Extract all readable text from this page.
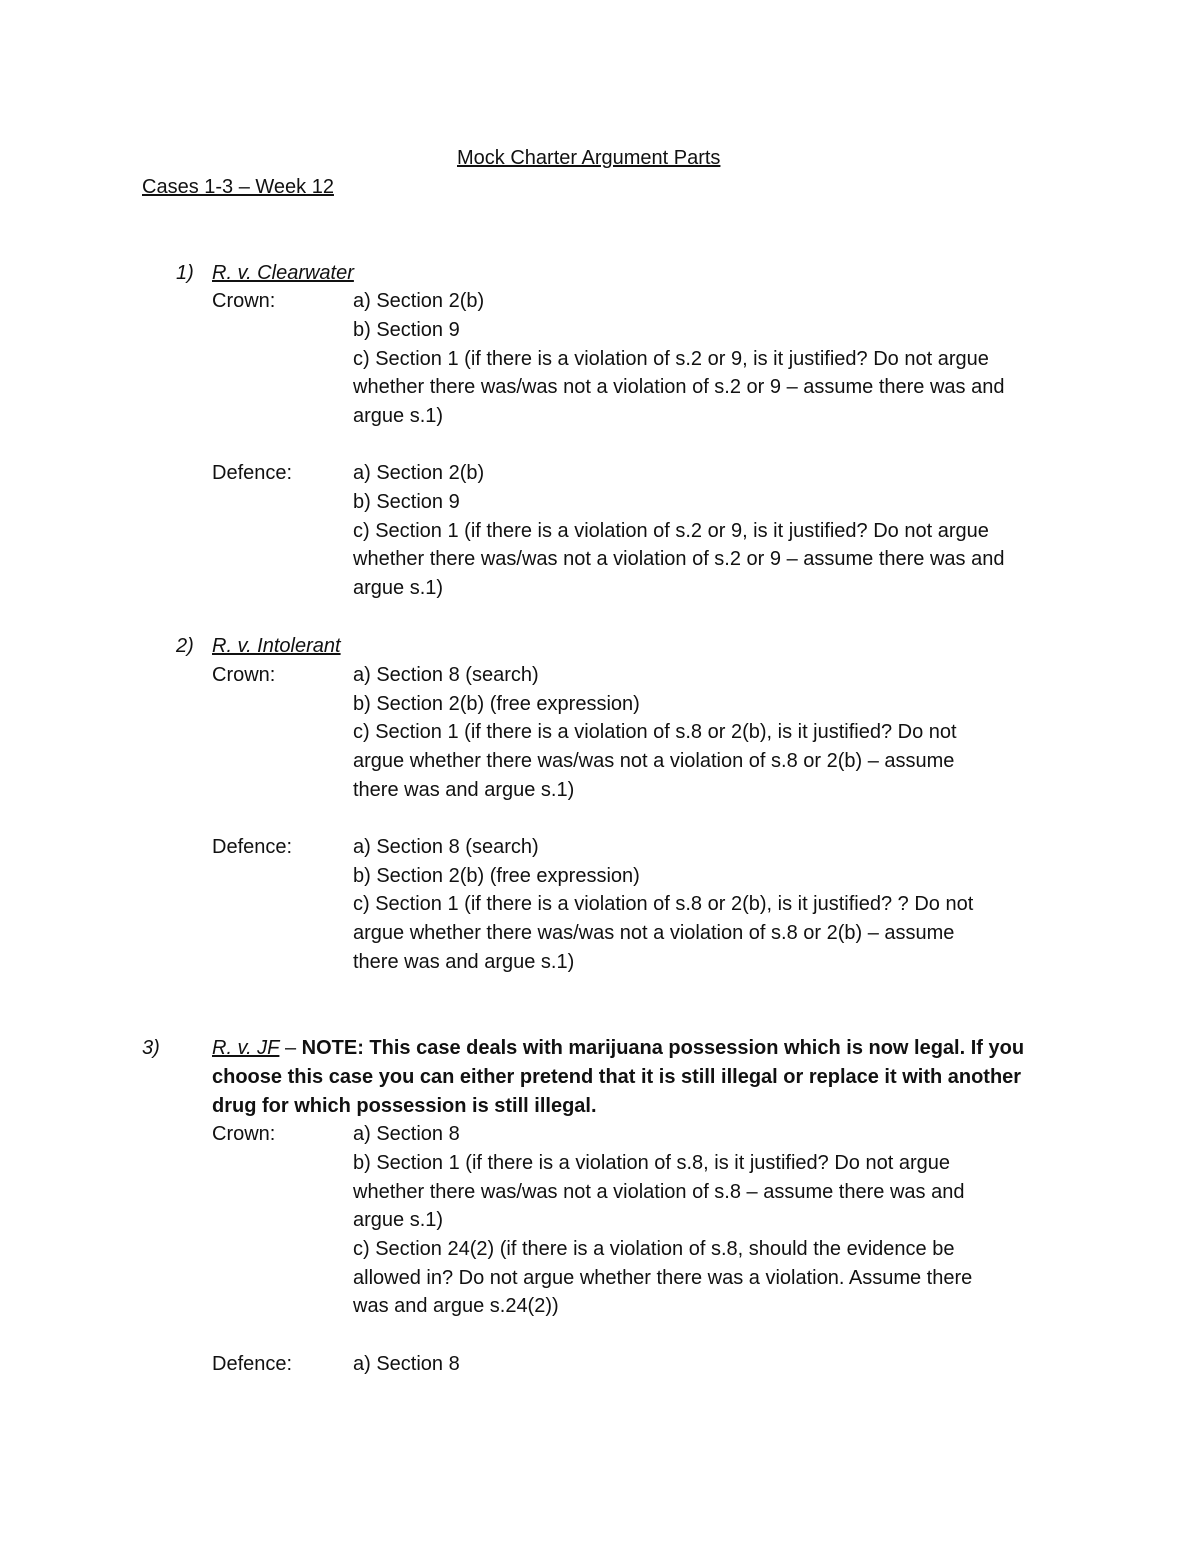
Mock Charter Argument Parts
Cases 1-3 – Week 12
1) R. v. Clearwater
Crown:	a) Section 2(b)
b) Section 9
c) Section 1 (if there is a violation of s.2 or 9, is it justified? Do not argue
whether there was/was not a violation of s.2 or 9 – assume there was and
argue s.1)
Defence:	a) Section 2(b)
b) Section 9
c) Section 1 (if there is a violation of s.2 or 9, is it justified? Do not argue
whether there was/was not a violation of s.2 or 9 – assume there was and
argue s.1)
2) R. v. Intolerant
Crown:	a) Section 8 (search)
b) Section 2(b) (free expression)
c) Section 1 (if there is a violation of s.8 or 2(b), is it justified? Do not
argue whether there was/was not a violation of s.8 or 2(b) – assume
there was and argue s.1)
Defence:	a) Section 8 (search)
b) Section 2(b) (free expression)
c) Section 1 (if there is a violation of s.8 or 2(b), is it justified? ? Do not
argue whether there was/was not a violation of s.8 or 2(b) – assume
there was and argue s.1)
3)	R. v. JF – NOTE: This case deals with marijuana possession which is now legal. If you
choose this case you can either pretend that it is still illegal or replace it with another
drug for which possession is still illegal.
Crown:	a) Section 8
b) Section 1 (if there is a violation of s.8, is it justified? Do not argue
whether there was/was not a violation of s.8 – assume there was and
argue s.1)
c) Section 24(2) (if there is a violation of s.8, should the evidence be
allowed in? Do not argue whether there was a violation. Assume there
was and argue s.24(2))
Defence:	a) Section 8
